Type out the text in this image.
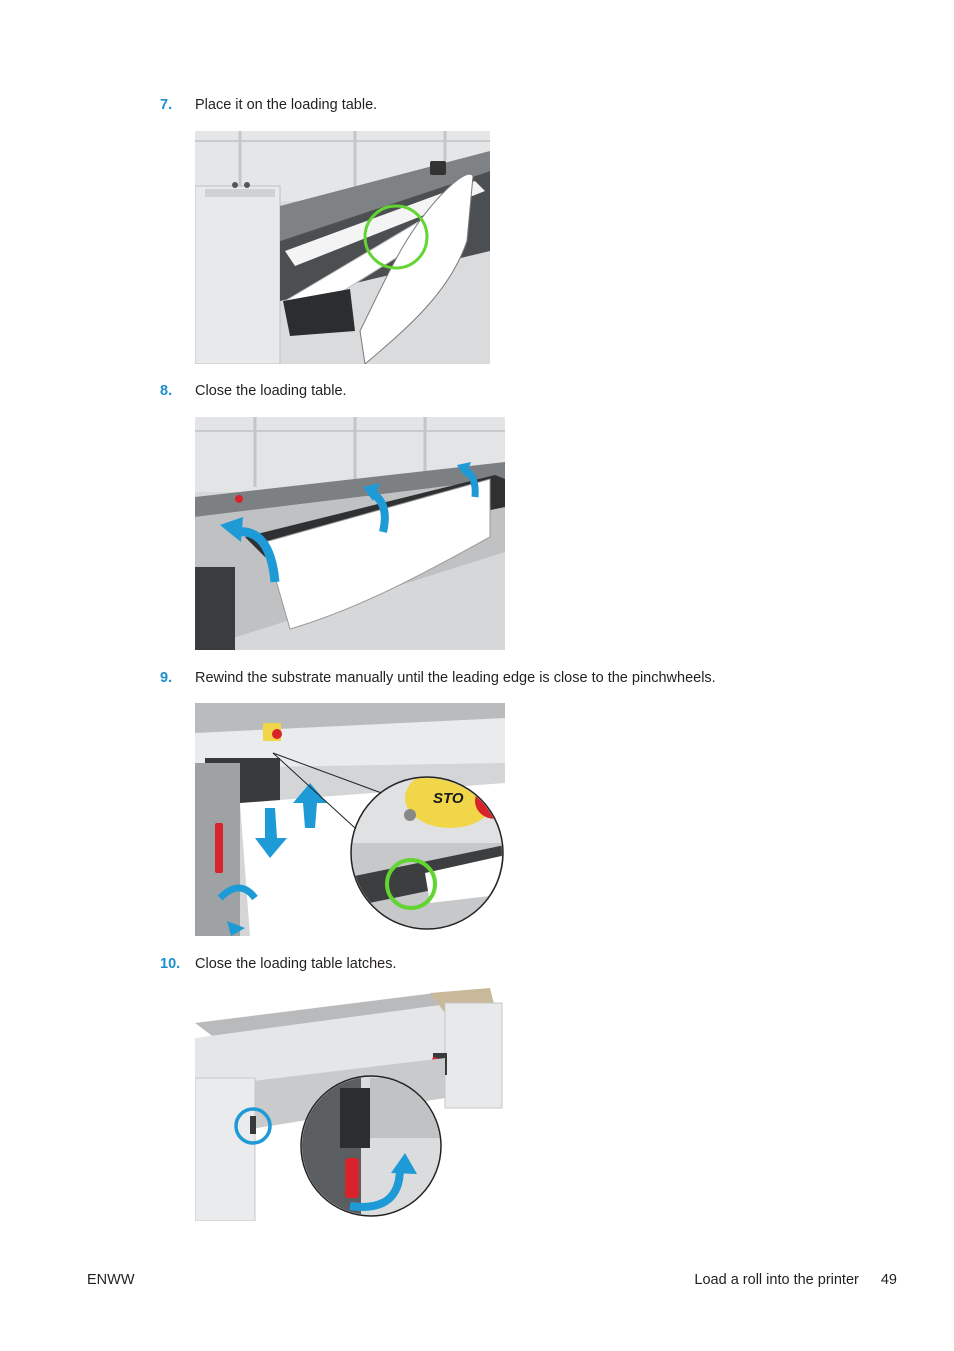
7. Place it on the loading table.
8. Close the loading table.
9. Rewind the substrate manually until the leading edge is close to the pinchwheels.
STO
10. Close the loading table latches.
ENWW	Load a roll into the printer 49
